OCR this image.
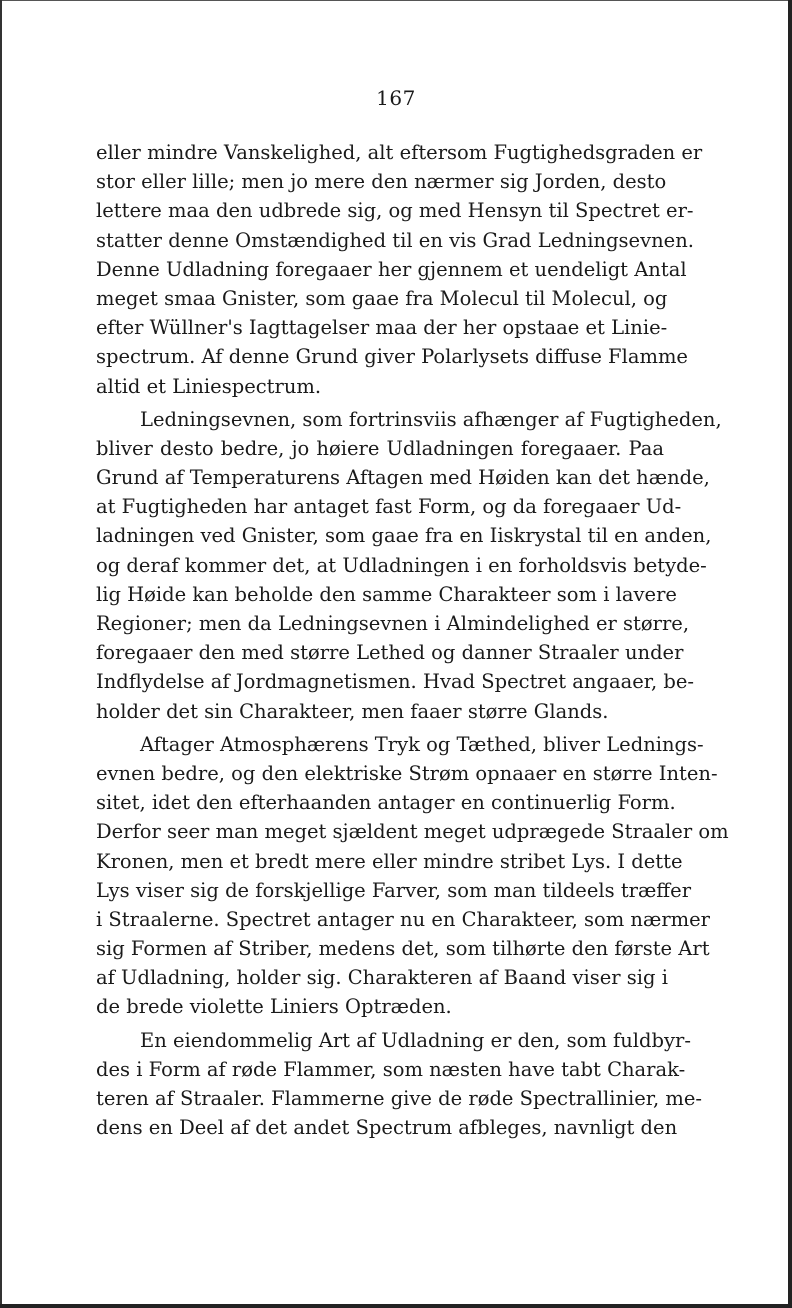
167
eller mindre Vanskelighed, alt eftersom Fugtighedsgraden er
stor eller lille; men jo mere den nærmer sig Jorden, desto
lettere maa den udbrede sig, og med Hensyn til Spectret er-
statter denne Omstændighed til en vis Grad Ledningsevnen.
Denne Udladning foregaaer her gjennem et uendeligt Antal
meget smaa Gnister, som gaae fra Molecul til Molecul, og
efter Wüllner's Iagttagelser maa der her opstaae et Linie-
spectrum. Af denne Grund giver Polarlysets diffuse Flamme
altid et Liniespectrum.
Ledningsevnen, som fortrinsviis afhænger af Fugtigheden,
bliver desto bedre, jo høiere Udladningen foregaaer. Paa
Grund af Temperaturens Aftagen med Høiden kan det hænde,
at Fugtigheden har antaget fast Form, og da foregaaer Ud-
ladningen ved Gnister, som gaae fra en Iiskrystal til en anden,
og deraf kommer det, at Udladningen i en forholdsvis betyde-
lig Høide kan beholde den samme Charakteer som i lavere
Regioner; men da Ledningsevnen i Almindelighed er større,
foregaaer den med større Lethed og danner Straaler under
Indflydelse af Jordmagnetismen. Hvad Spectret angaaer, be-
holder det sin Charakteer, men faaer større Glands.
Aftager Atmosphærens Tryk og Tæthed, bliver Lednings-
evnen bedre, og den elektriske Strøm opnaaer en større Inten-
sitet, idet den efterhaanden antager en continuerlig Form.
Derfor seer man meget sjældent meget udprægede Straaler om
Kronen, men et bredt mere eller mindre stribet Lys. I dette
Lys viser sig de forskjellige Farver, som man tildeels træffer
i Straalerne. Spectret antager nu en Charakteer, som nærmer
sig Formen af Striber, medens det, som tilhørte den første Art
af Udladning, holder sig. Charakteren af Baand viser sig i
de brede violette Liniers Optræden.
En eiendommelig Art af Udladning er den, som fuldbyr-
des i Form af røde Flammer, som næsten have tabt Charak-
teren af Straaler. Flammerne give de røde Spectrallinier, me-
dens en Deel af det andet Spectrum afbleges, navnligt den
